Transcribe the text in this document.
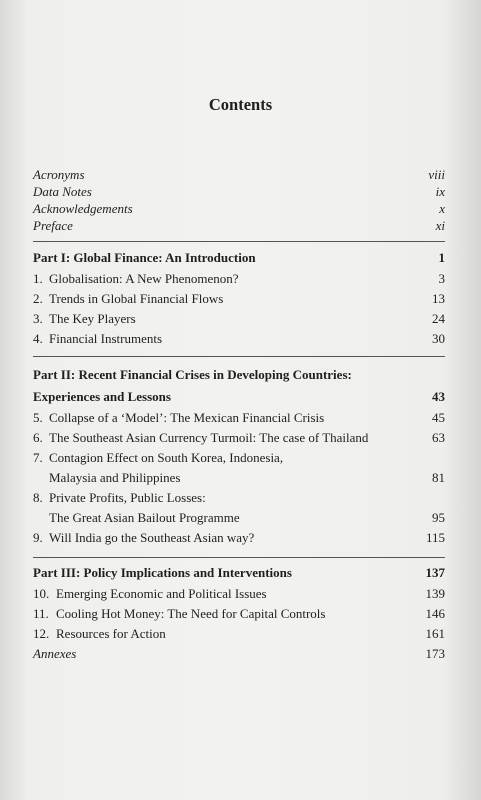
Contents
Acronyms	viii
Data Notes	ix
Acknowledgements	x
Preface	xi
Part I: Global Finance: An Introduction	1
1. Globalisation: A New Phenomenon?	3
2. Trends in Global Financial Flows	13
3. The Key Players	24
4. Financial Instruments	30
Part II: Recent Financial Crises in Developing Countries:
Experiences and Lessons	43
5. Collapse of a ‘Model’: The Mexican Financial Crisis	45
6. The Southeast Asian Currency Turmoil: The case of Thailand	63
7. Contagion Effect on South Korea, Indonesia,
Malaysia and Philippines	81
8. Private Profits, Public Losses:
The Great Asian Bailout Programme	95
9. Will India go the Southeast Asian way?	115
Part III: Policy Implications and Interventions	137
10. Emerging Economic and Political Issues	139
11. Cooling Hot Money: The Need for Capital Controls	146
12. Resources for Action	161
Annexes	173
